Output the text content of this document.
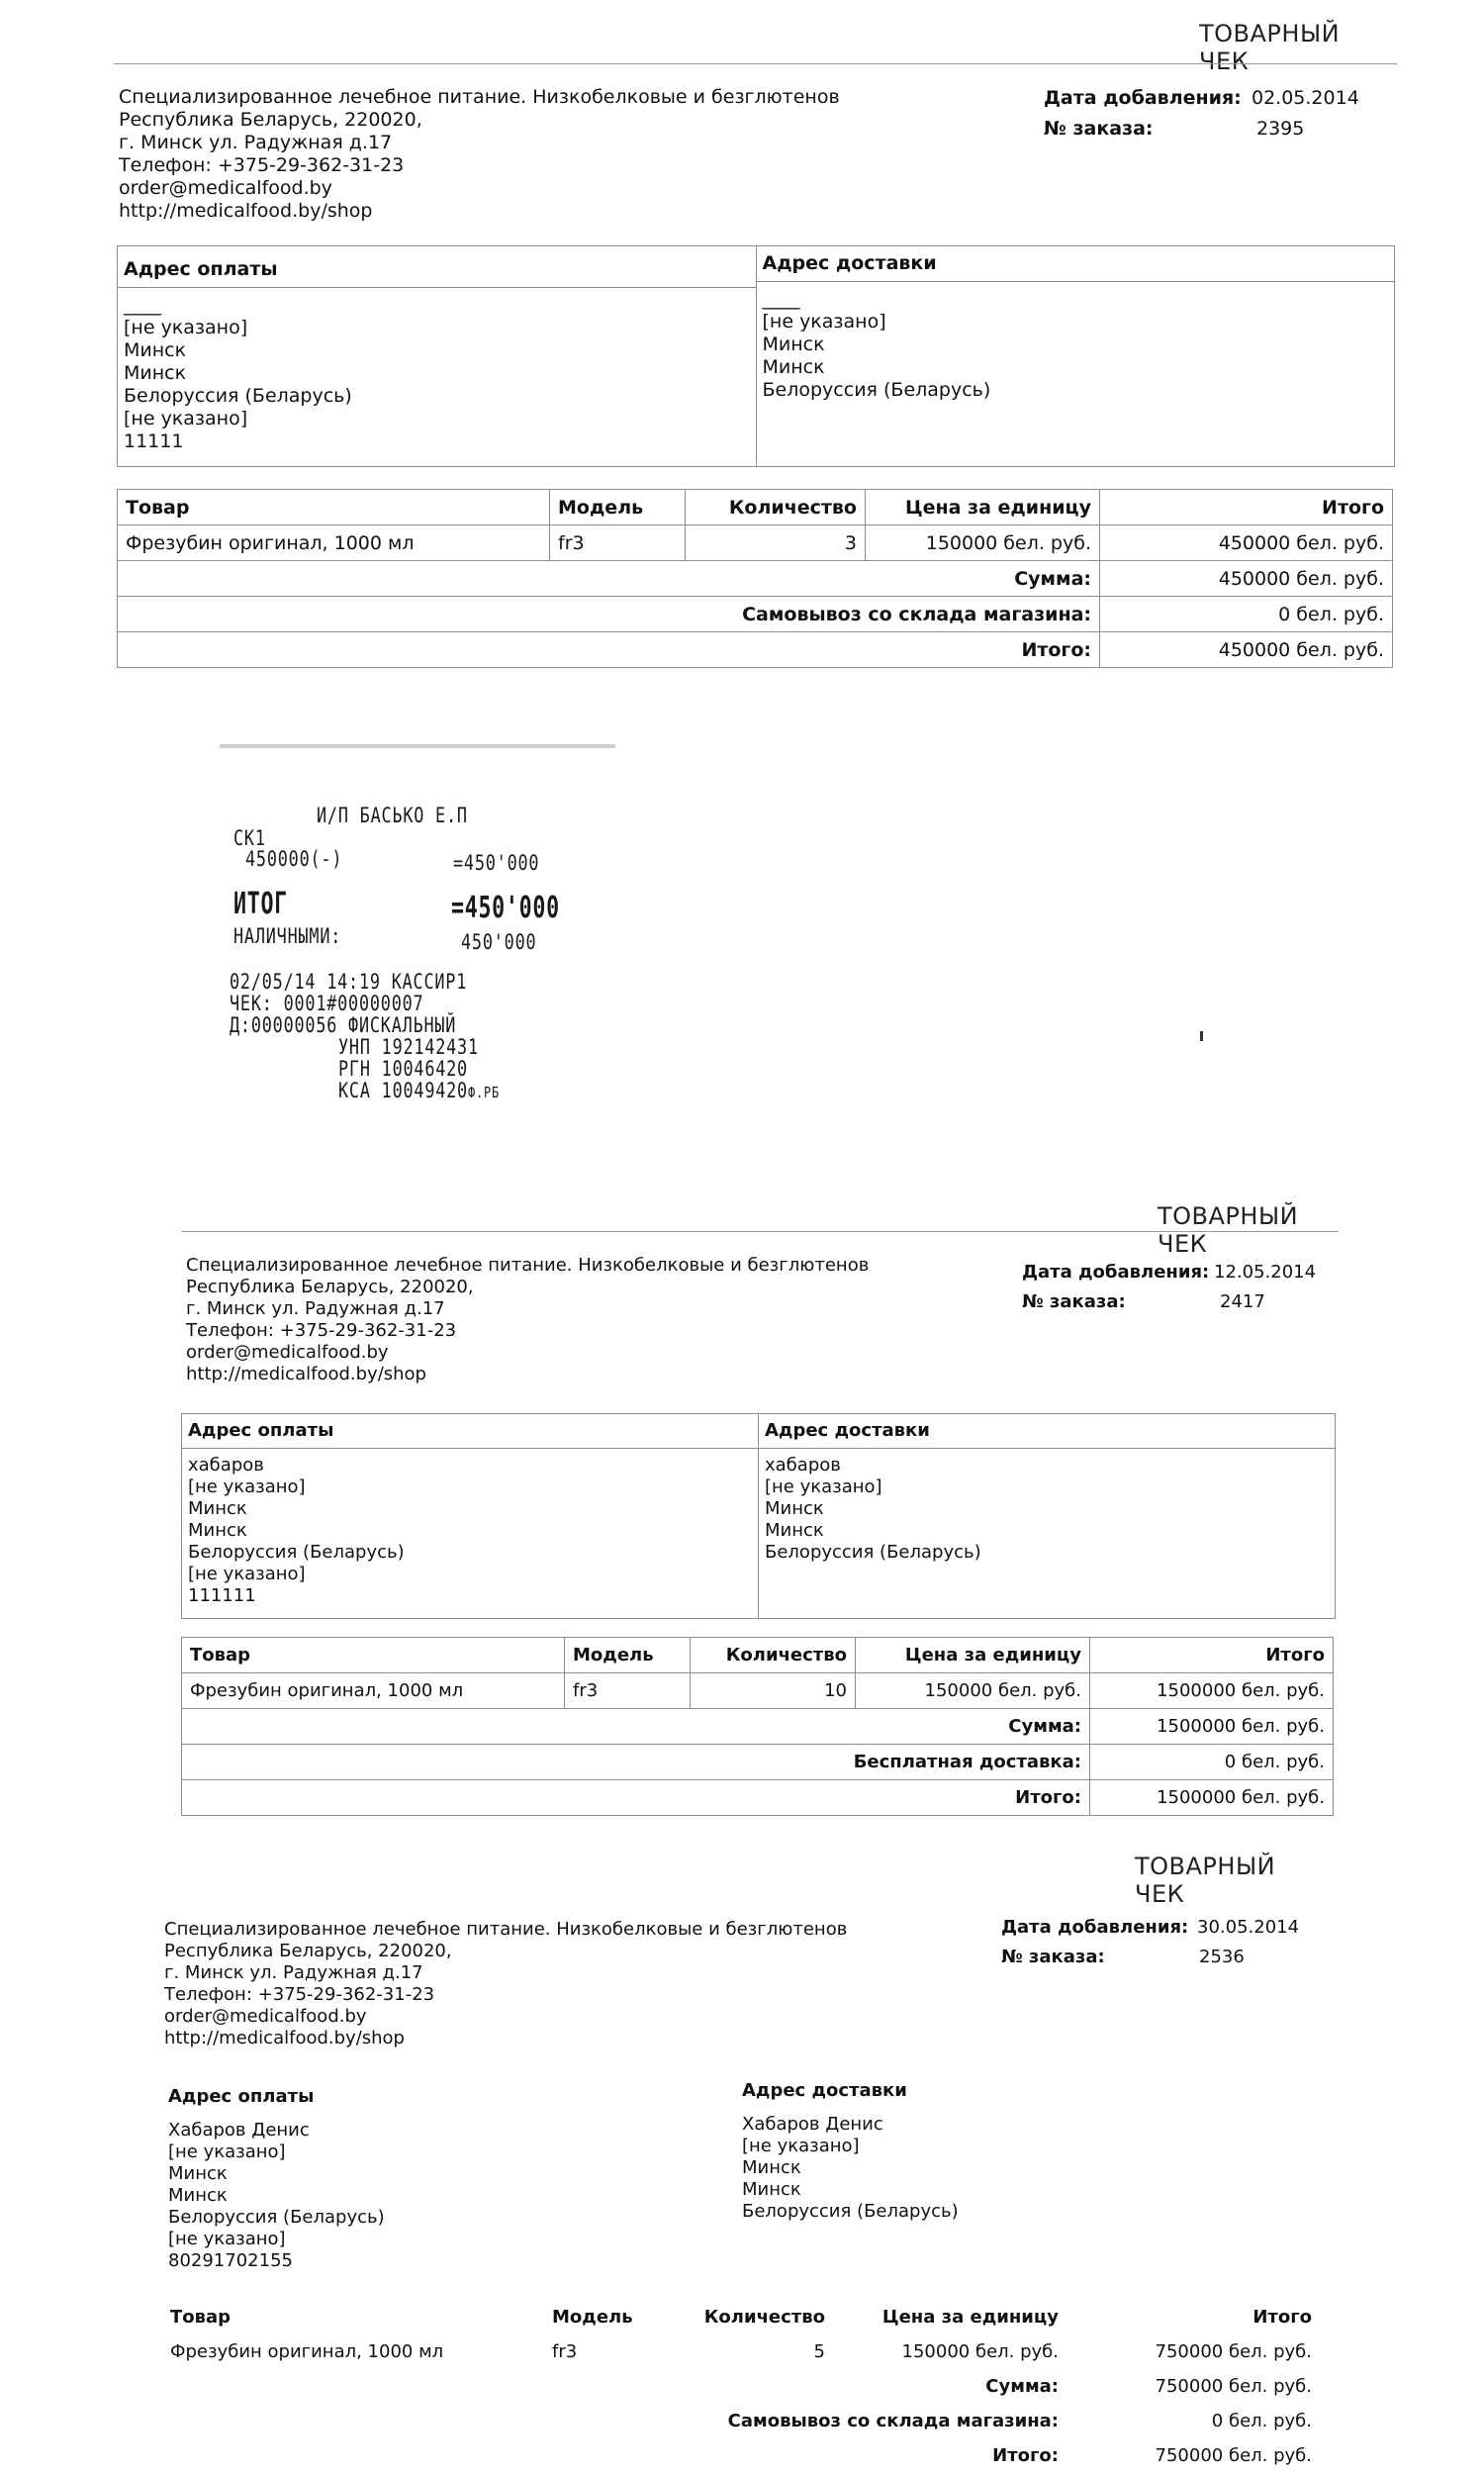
ТОВАРНЫЙ ЧЕК
Специализированное лечебное питание. Низкобелковые и безглютенов
Республика Беларусь, 220020,
г. Минск ул. Радужная д.17
Телефон: +375-29-362-31-23
order@medicalfood.by
http://medicalfood.by/shop
Дата добавления: 02.05.2014
№ заказа:	2395
Адрес оплаты
____
[не указано]
Минск
Минск
Белоруссия (Беларусь)
[не указано]
11111
Адрес доставки
____
[не указано]
Минск
Минск
Белоруссия (Беларусь)
Товар	Модель	Количество	Цена за единицу	Итого
Фрезубин оригинал, 1000 мл	fr3	3	150000 бел. руб.	450000 бел. руб.
Сумма:				450000 бел. руб.
Самовывоз со склада магазина:				0 бел. руб.
Итого:				450000 бел. руб.
И/П БАСЬКО Е.П
СК1
450000(-)	=450'000
ИТОГ	=450'000
НАЛИЧНЫМИ:	450'000
02/05/14 14:19 КАССИР1
ЧЕК: 0001#00000007
Д:00000056 ФИСКАЛЬНЫЙ
УНП 192142431
РГН 10046420
КСА 10049420Ф.РБ
ТОВАРНЫЙ ЧЕК
Специализированное лечебное питание. Низкобелковые и безглютенов
Республика Беларусь, 220020,
г. Минск ул. Радужная д.17
Телефон: +375-29-362-31-23
order@medicalfood.by
http://medicalfood.by/shop
Дата добавления: 12.05.2014
№ заказа:	2417
Адрес оплаты
хабаров
[не указано]
Минск
Минск
Белоруссия (Беларусь)
[не указано]
111111
Адрес доставки
хабаров
[не указано]
Минск
Минск
Белоруссия (Беларусь)
Товар	Модель	Количество	Цена за единицу	Итого
Фрезубин оригинал, 1000 мл	fr3	10	150000 бел. руб.	1500000 бел. руб.
Сумма:				1500000 бел. руб.
Бесплатная доставка:				0 бел. руб.
Итого:				1500000 бел. руб.
ТОВАРНЫЙ ЧЕК
Специализированное лечебное питание. Низкобелковые и безглютенов
Республика Беларусь, 220020,
г. Минск ул. Радужная д.17
Телефон: +375-29-362-31-23
order@medicalfood.by
http://medicalfood.by/shop
Дата добавления: 30.05.2014
№ заказа:	2536
Адрес оплаты
Хабаров Денис
[не указано]
Минск
Минск
Белоруссия (Беларусь)
[не указано]
80291702155
Адрес доставки
Хабаров Денис
[не указано]
Минск
Минск
Белоруссия (Беларусь)
Товар	Модель	Количество	Цена за единицу	Итого
Фрезубин оригинал, 1000 мл	fr3	5	150000 бел. руб.	750000 бел. руб.
Сумма:				750000 бел. руб.
Самовывоз со склада магазина:				0 бел. руб.
Итого:				750000 бел. руб.
